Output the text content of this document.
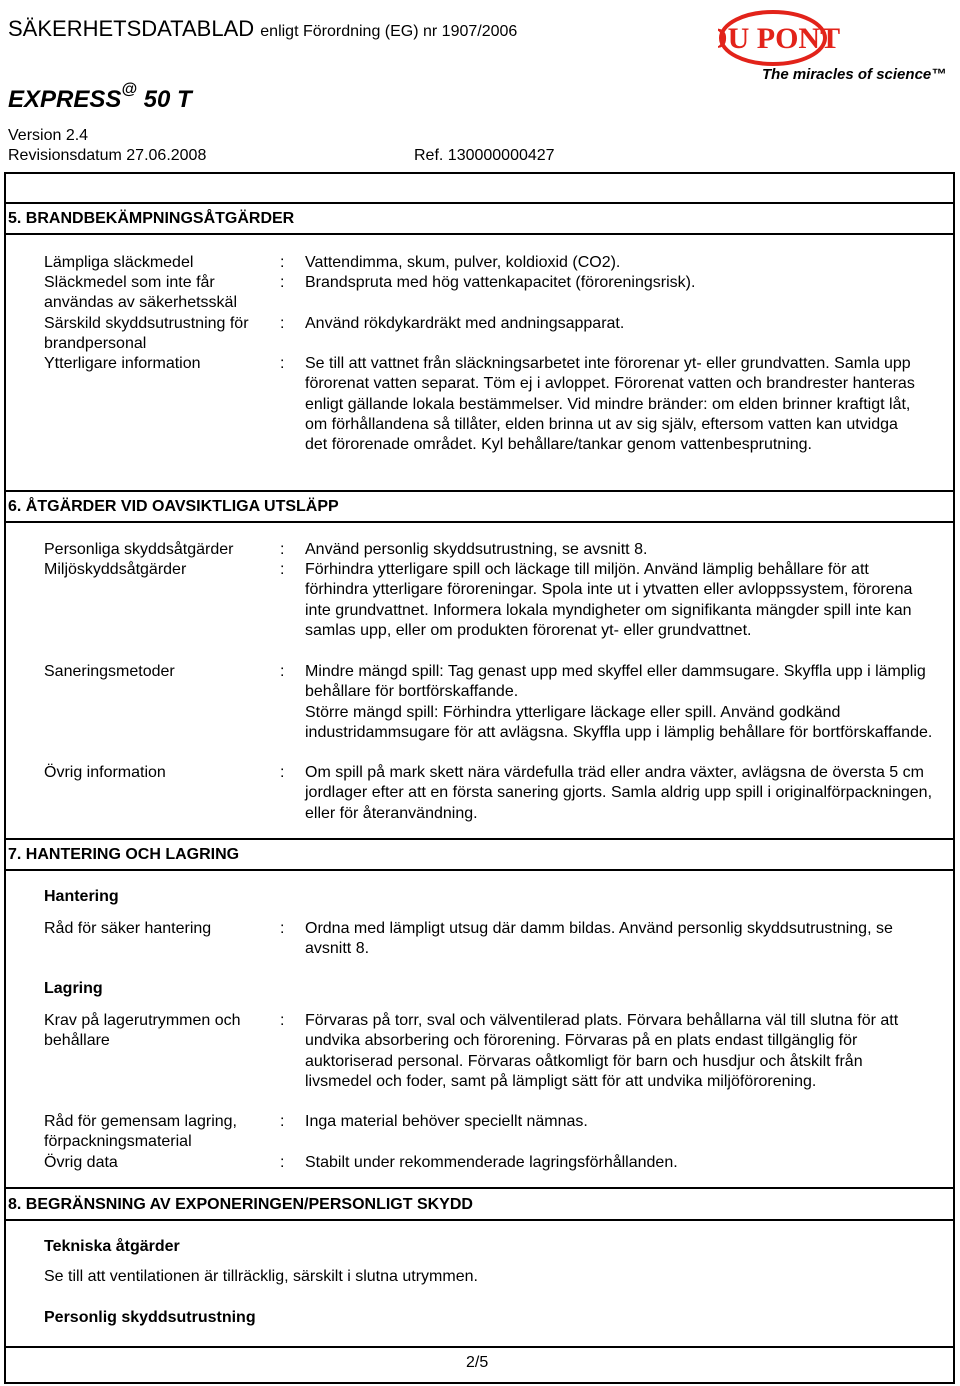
SÄKERHETSDATABLAD enligt Förordning (EG) nr 1907/2006
EXPRESS@ 50 T
Version 2.4
Revisionsdatum 27.06.2008	Ref. 130000000427
DU PONT
The miracles of science™
5. BRANDBEKÄMPNINGSÅTGÄRDER
Lämpliga släckmedel	: Vattendimma, skum, pulver, koldioxid (CO2).
Släckmedel som inte får användas av säkerhetsskäl
: Brandspruta med hög vattenkapacitet (föroreningsrisk).
Särskild skyddsutrustning för brandpersonal
: Använd rökdykardräkt med andningsapparat.
Ytterligare information	: Se till att vattnet från släckningsarbetet inte förorenar yt- eller grundvatten. Samla upp förorenat vatten separat. Töm ej i avloppet. Förorenat vatten och brandrester hanteras enligt gällande lokala bestämmelser. Vid mindre bränder: om elden brinner kraftigt låt, om förhållandena så tillåter, elden brinna ut av sig själv, eftersom vatten kan utvidga det förorenade området. Kyl behållare/tankar genom vattenbesprutning.
6. ÅTGÄRDER VID OAVSIKTLIGA UTSLÄPP
Personliga skyddsåtgärder	: Använd personlig skyddsutrustning, se avsnitt 8.
Miljöskyddsåtgärder	: Förhindra ytterligare spill och läckage till miljön. Använd lämplig behållare för att förhindra ytterligare föroreningar. Spola inte ut i ytvatten eller avloppssystem, förorena inte grundvattnet. Informera lokala myndigheter om signifikanta mängder spill inte kan samlas upp, eller om produkten förorenat yt- eller grundvattnet.
Saneringsmetoder	: Mindre mängd spill: Tag genast upp med skyffel eller dammsugare. Skyffla upp i lämplig behållare för bortförskaffande.
Större mängd spill: Förhindra ytterligare läckage eller spill. Använd godkänd industridammsugare för att avlägsna. Skyffla upp i lämplig behållare för bortförskaffande.
Övrig information	: Om spill på mark skett nära värdefulla träd eller andra växter, avlägsna de översta 5 cm jordlager efter att en första sanering gjorts. Samla aldrig upp spill i originalförpackningen, eller för återanvändning.
7. HANTERING OCH LAGRING
Hantering
Råd för säker hantering	: Ordna med lämpligt utsug där damm bildas. Använd personlig skyddsutrustning, se avsnitt 8.
Lagring
Krav på lagerutrymmen och behållare
: Förvaras på torr, sval och välventilerad plats. Förvara behållarna väl till slutna för att undvika absorbering och förorening. Förvaras på en plats endast tillgänglig för auktoriserad personal. Förvaras oåtkomligt för barn och husdjur och åtskilt från livsmedel och foder, samt på lämpligt sätt för att undvika miljöförorening.
Råd för gemensam lagring, förpackningsmaterial
: Inga material behöver speciellt nämnas.
Övrig data	: Stabilt under rekommenderade lagringsförhållanden.
8. BEGRÄNSNING AV EXPONERINGEN/PERSONLIGT SKYDD
Tekniska åtgärder
Se till att ventilationen är tillräcklig, särskilt i slutna utrymmen.
Personlig skyddsutrustning
2/5
